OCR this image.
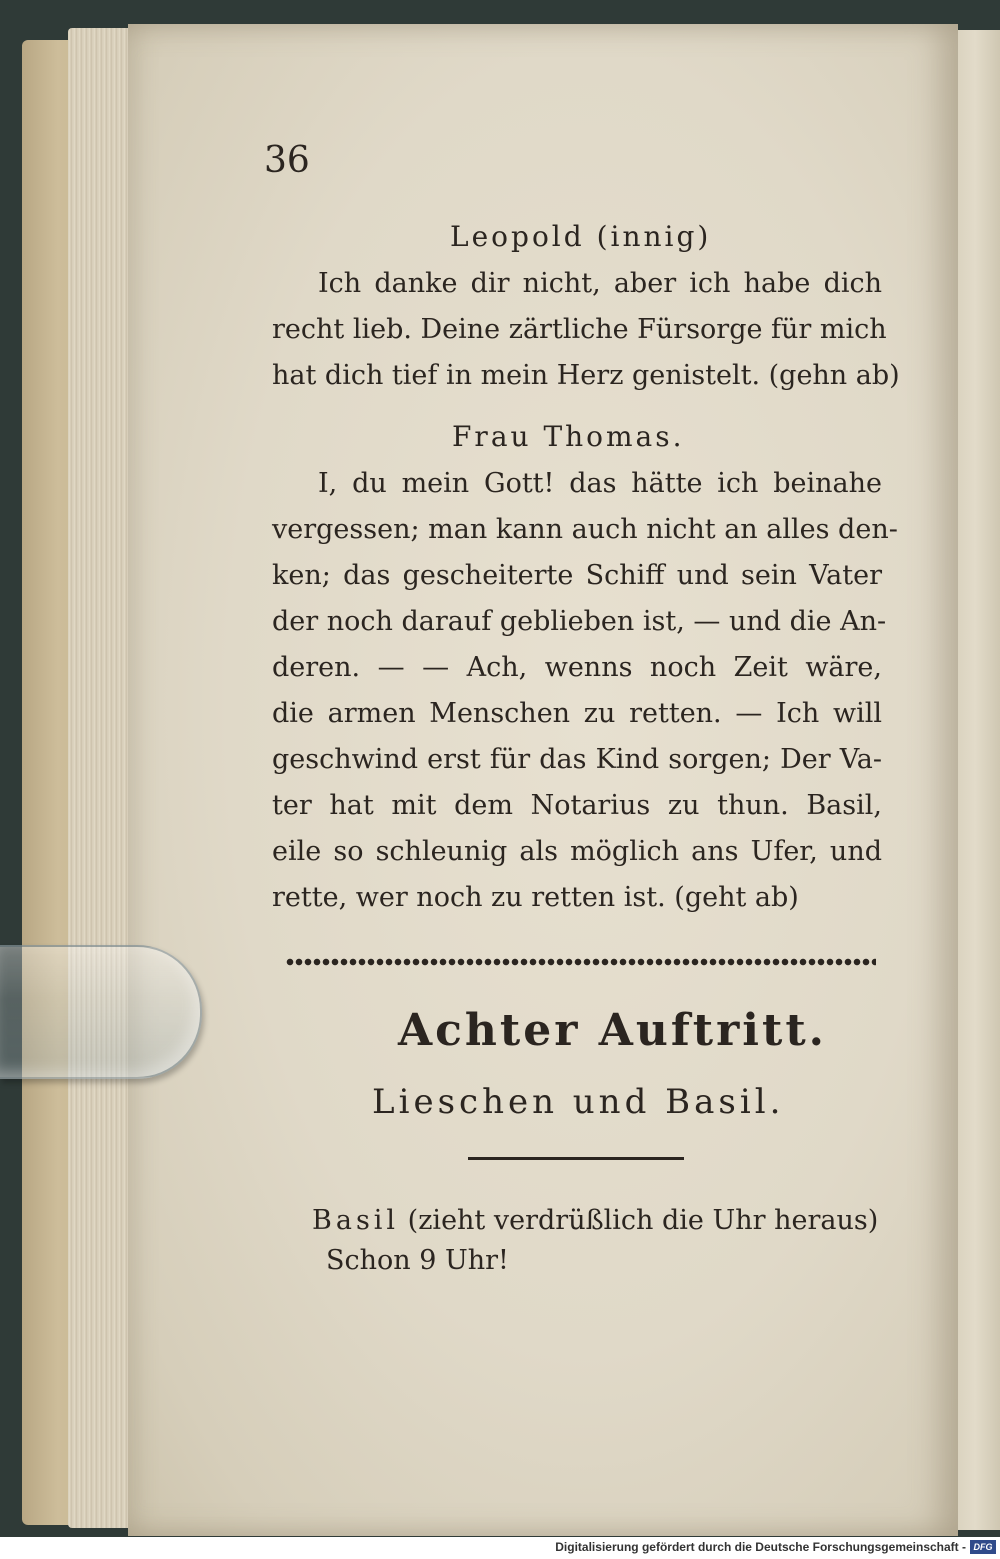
36
Leopold (innig)
Ich danke dir nicht, aber ich habe dich
recht lieb. Deine zärtliche Fürsorge für mich
hat dich tief in mein Herz genistelt. (gehn ab)
Frau Thomas.
I, du mein Gott! das hätte ich beinahe
vergessen; man kann auch nicht an alles den-
ken; das gescheiterte Schiff und sein Vater
der noch darauf geblieben ist, — und die An-
deren. — — Ach, wenns noch Zeit wäre,
die armen Menschen zu retten. — Ich will
geschwind erst für das Kind sorgen; Der Va-
ter hat mit dem Notarius zu thun. Basil,
eile so schleunig als möglich ans Ufer, und
rette, wer noch zu retten ist. (geht ab)
Achter Auftritt.
Lieschen und Basil.
Basil (zieht verdrüßlich die Uhr heraus)
Schon 9 Uhr!
Digitalisierung gefördert durch die Deutsche Forschungsgemeinschaft - DFG
